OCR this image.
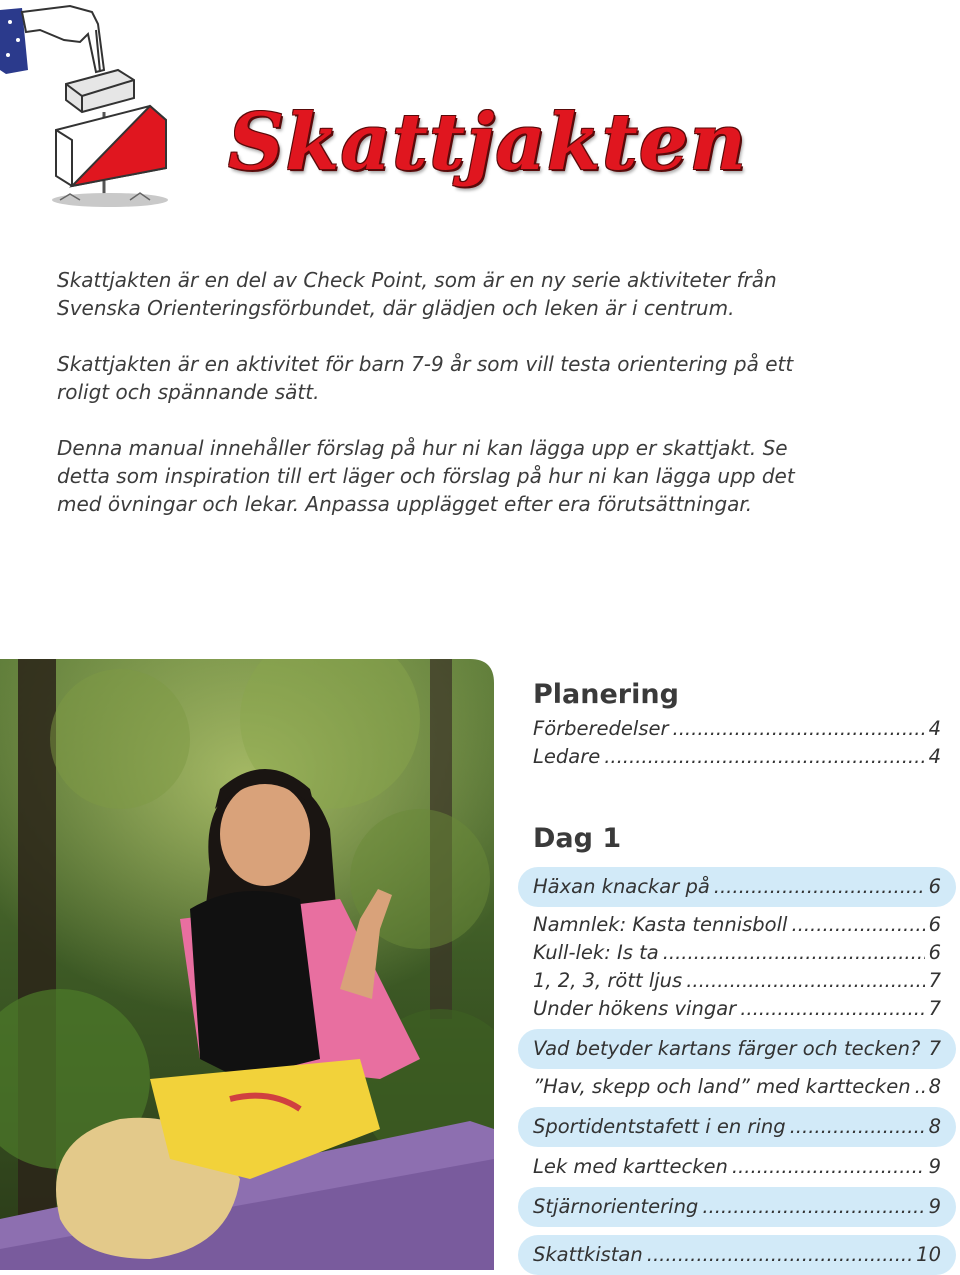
Skattjakten

Skattjakten är en del av Check Point, som är en ny serie aktiviteter från Svenska Orienteringsförbundet, där glädjen och leken är i centrum.

Skattjakten är en aktivitet för barn 7-9 år som vill testa orientering på ett roligt och spännande sätt.

Denna manual innehåller förslag på hur ni kan lägga upp er skattjakt. Se detta som inspiration till ert läger och förslag på hur ni kan lägga upp det med övningar och lekar. Anpassa upplägget efter era förutsättningar.

Planering
Förberedelser .....	4
Ledare .....	4
Dag 1
Häxan knackar på .....	6
Namnlek: Kasta tennisboll .....	6
Kull-lek: Is ta .....	6
1, 2, 3, rött ljus .....	7
Under hökens vingar .....	7
Vad betyder kartans färger och tecken? ..... 7
”Hav, skepp och land” med karttecken ..... 8
Sportidentstafett i en ring .....	8
Lek med karttecken .....	9
Stjärnorientering .....	9
Skattkistan .....	10
